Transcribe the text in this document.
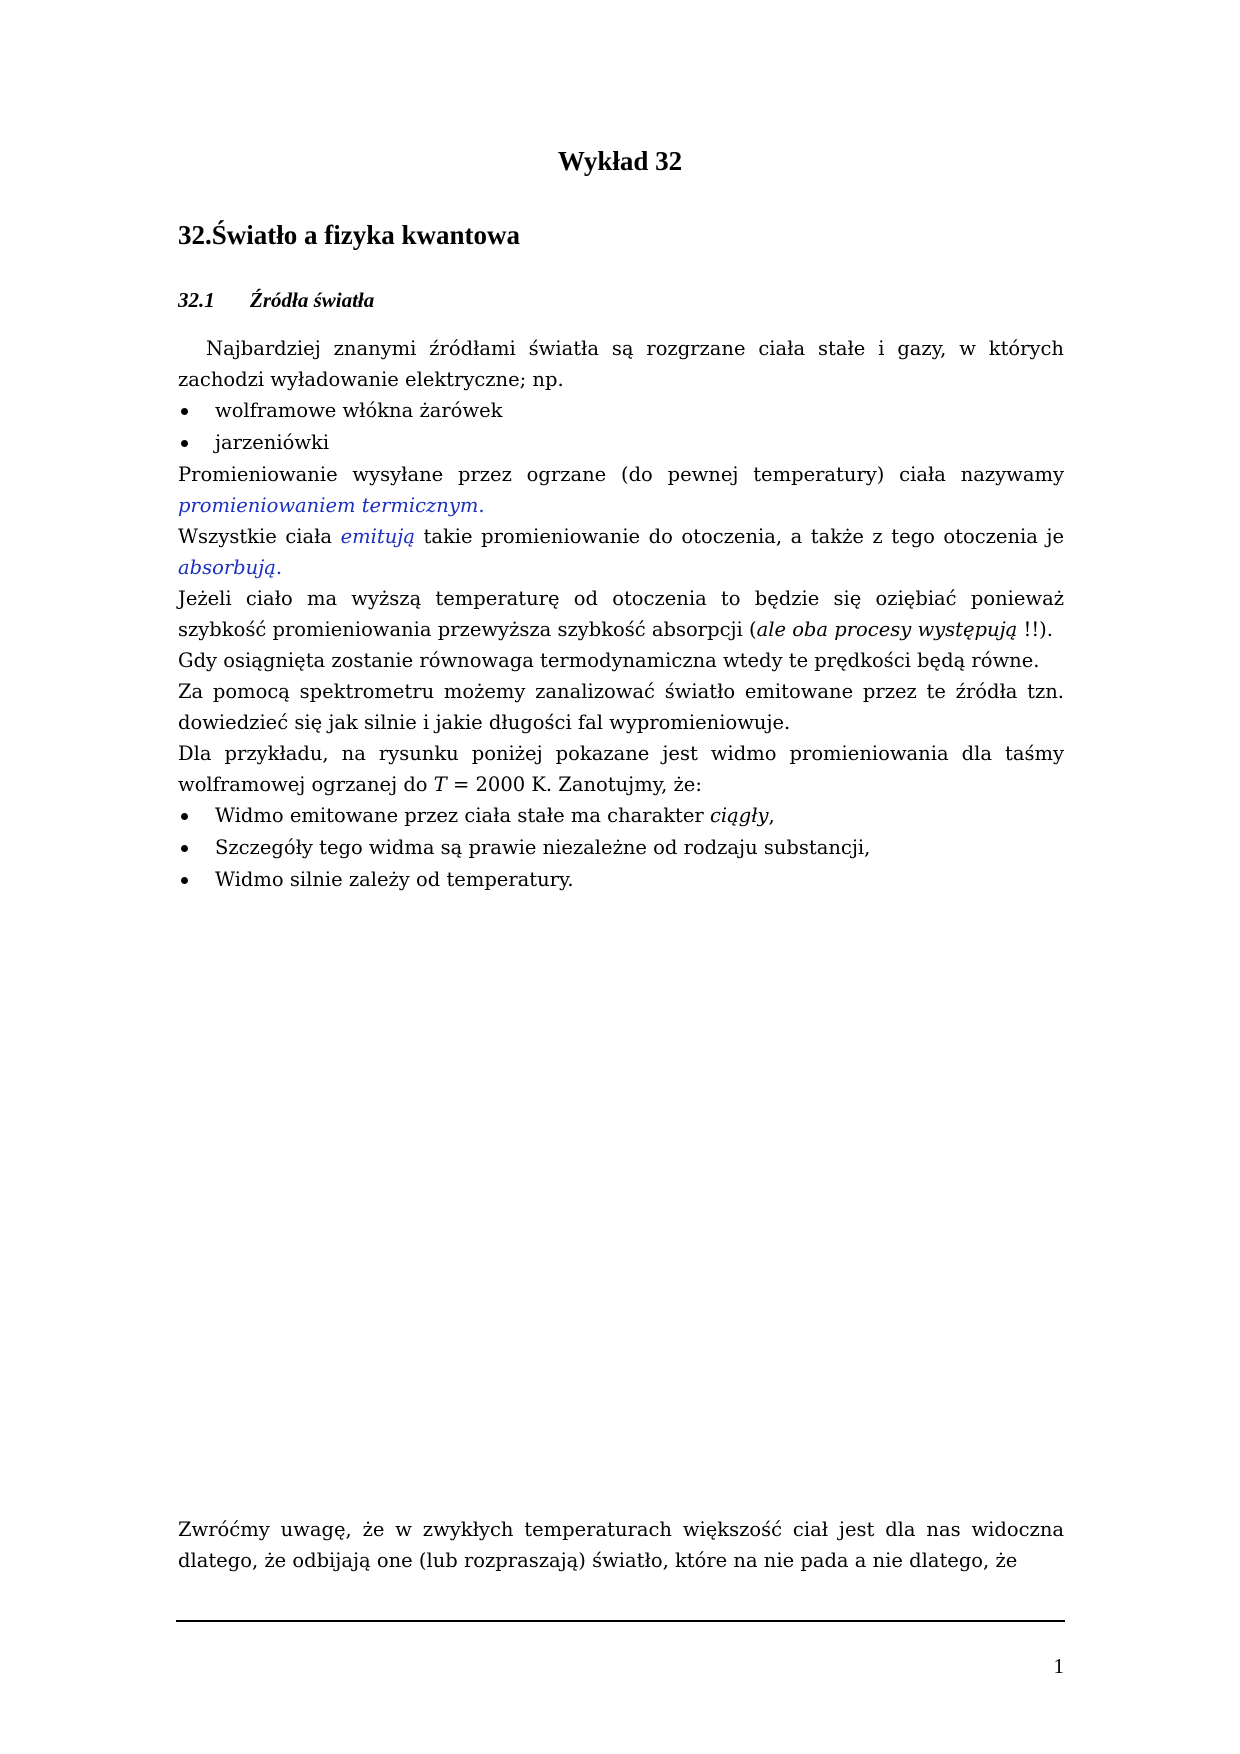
Wykład 32
32.Światło a fizyka kwantowa
32.1 Źródła światła

Najbardziej znanymi źródłami światła są rozgrzane ciała stałe i gazy, w których zachodzi wyładowanie elektryczne; np.

wolframowe włókna żarówek
jarzeniówki

Promieniowanie wysyłane przez ogrzane (do pewnej temperatury) ciała nazywamy promieniowaniem termicznym.

Wszystkie ciała emitują takie promieniowanie do otoczenia, a także z tego otoczenia je absorbują.

Jeżeli ciało ma wyższą temperaturę od otoczenia to będzie się oziębiać ponieważ szybkość promieniowania przewyższa szybkość absorpcji (ale oba procesy występują !!).

Gdy osiągnięta zostanie równowaga termodynamiczna wtedy te prędkości będą równe.

Za pomocą spektrometru możemy zanalizować światło emitowane przez te źródła tzn. dowiedzieć się jak silnie i jakie długości fal wypromieniowuje.

Dla przykładu, na rysunku poniżej pokazane jest widmo promieniowania dla taśmy wolframowej ogrzanej do T = 2000 K. Zanotujmy, że:

Widmo emitowane przez ciała stałe ma charakter ciągły,
Szczegóły tego widma są prawie niezależne od rodzaju substancji,
Widmo silnie zależy od temperatury.

Zwróćmy uwagę, że w zwykłych temperaturach większość ciał jest dla nas widoczna dlatego, że odbijają one (lub rozpraszają) światło, które na nie pada a nie dlatego, że

1
